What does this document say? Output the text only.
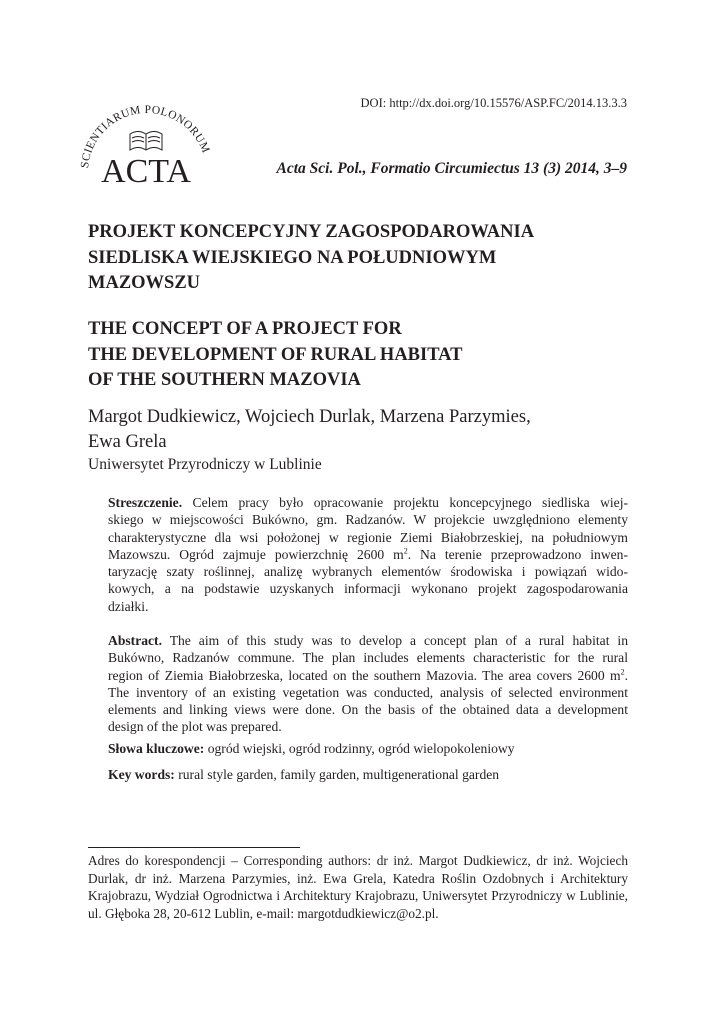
DOI: http://dx.doi.org/10.15576/ASP.FC/2014.13.3.3
SCIENTIARUM POLONORUM
ACTA	Acta Sci. Pol., Formatio Circumiectus 13 (3) 2014, 3–9
PROJEKT KONCEPCYJNY ZAGOSPODAROWANIA
SIEDLISKA WIEJSKIEGO NA POŁUDNIOWYM
MAZOWSZU
THE CONCEPT OF A PROJECT FOR
THE DEVELOPMENT OF RURAL HABITAT
OF THE SOUTHERN MAZOVIA
Margot Dudkiewicz, Wojciech Durlak, Marzena Parzymies,
Ewa Grela
Uniwersytet Przyrodniczy w Lublinie
Streszczenie. Celem pracy było opracowanie projektu koncepcyjnego siedliska wiej-
skiego w miejscowości Bukówno, gm. Radzanów. W projekcie uwzględniono elementy
charakterystyczne dla wsi położonej w regionie Ziemi Białobrzeskiej, na południowym
Mazowszu. Ogród zajmuje powierzchnię 2600 $m^2$. Na terenie przeprowadzono inwen-
taryzację szaty roślinnej, analizę wybranych elementów środowiska i powiązań wido-
kowych, a na podstawie uzyskanych informacji wykonano projekt zagospodarowania
działki.
Abstract. The aim of this study was to develop a concept plan of a rural habitat in
Bukówno, Radzanów commune. The plan includes elements characteristic for the rural
region of Ziemia Białobrzeska, located on the southern Mazovia. The area covers 2600 $m^2$.
The inventory of an existing vegetation was conducted, analysis of selected environment
elements and linking views were done. On the basis of the obtained data a development
design of the plot was prepared.
Słowa kluczowe: ogród wiejski, ogród rodzinny, ogród wielopokoleniowy
Key words: rural style garden, family garden, multigenerational garden
Adres do korespondencji – Corresponding authors: dr inż. Margot Dudkiewicz, dr inż. Wojciech
Durlak, dr inż. Marzena Parzymies, inż. Ewa Grela, Katedra Roślin Ozdobnych i Architektury
Krajobrazu, Wydział Ogrodnictwa i Architektury Krajobrazu, Uniwersytet Przyrodniczy w Lublinie,
ul. Głęboka 28, 20-612 Lublin, e-mail: margotdudkiewicz@o2.pl.
